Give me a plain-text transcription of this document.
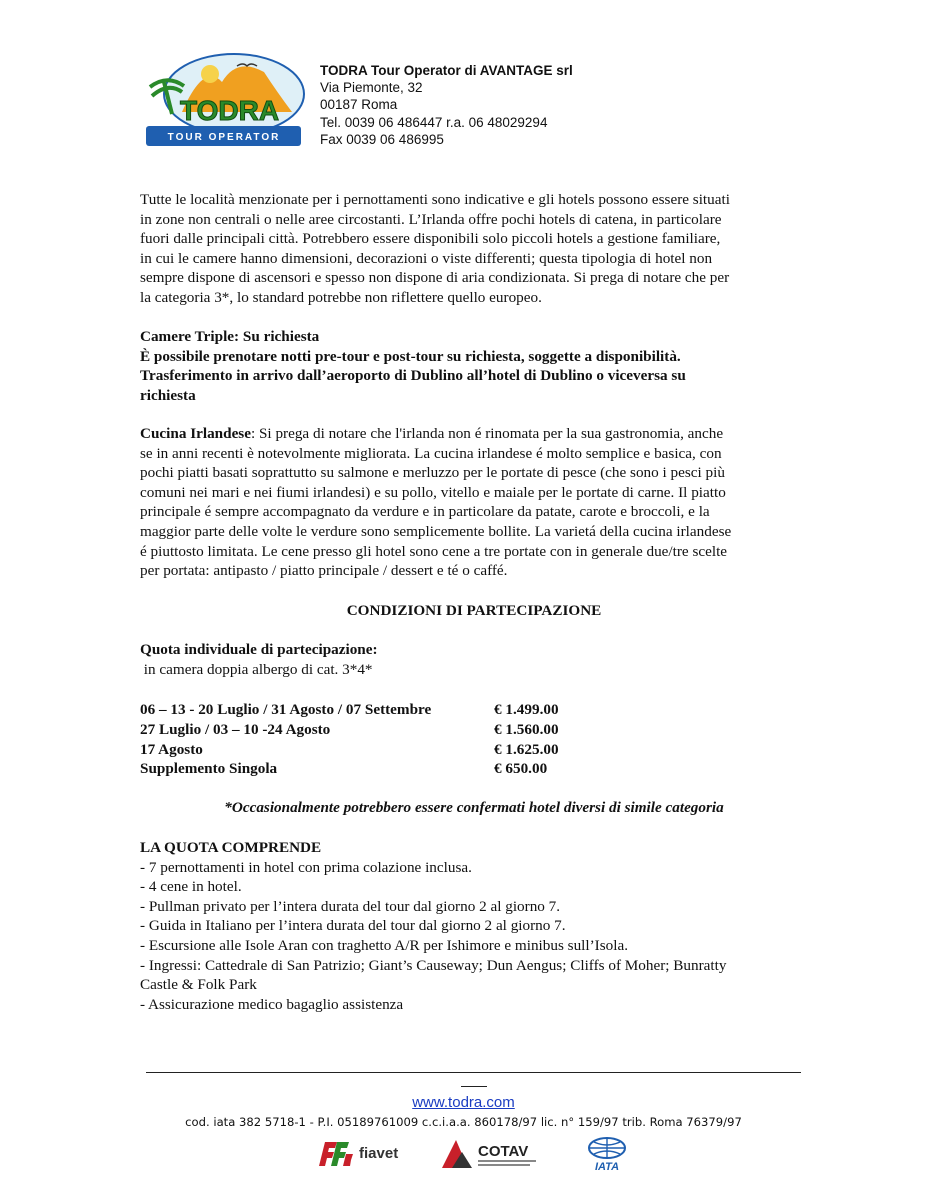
TODRA
TOUR OPERATOR
TODRA Tour Operator di AVANTAGE srl
Via Piemonte, 32
00187 Roma
Tel. 0039 06 486447 r.a. 06 48029294
Fax 0039 06 486995
Tutte le località menzionate per i pernottamenti sono indicative e gli hotels possono essere situati
in zone non centrali o nelle aree circostanti. L’Irlanda offre pochi hotels di catena, in particolare
fuori dalle principali città. Potrebbero essere disponibili solo piccoli hotels a gestione familiare,
in cui le camere hanno dimensioni, decorazioni o viste differenti; questa tipologia di hotel non
sempre dispone di ascensori e spesso non dispone di aria condizionata. Si prega di notare che per
la categoria 3*, lo standard potrebbe non riflettere quello europeo.
Camere Triple: Su richiesta
È possibile prenotare notti pre-tour e post-tour su richiesta, soggette a disponibilità.
Trasferimento in arrivo dall’aeroporto di Dublino all’hotel di Dublino o viceversa su
richiesta
Cucina Irlandese: Si prega di notare che l'irlanda non é rinomata per la sua gastronomia, anche
se in anni recenti è notevolmente migliorata. La cucina irlandese é molto semplice e basica, con
pochi piatti basati soprattutto su salmone e merluzzo per le portate di pesce (che sono i pesci più
comuni nei mari e nei fiumi irlandesi) e su pollo, vitello e maiale per le portate di carne. Il piatto
principale é sempre accompagnato da verdure e in particolare da patate, carote e broccoli, e la
maggior parte delle volte le verdure sono semplicemente bollite. La varietá della cucina irlandese
é piuttosto limitata. Le cene presso gli hotel sono cene a tre portate con in generale due/tre scelte
per portata: antipasto / piatto principale / dessert e té o caffé.
CONDIZIONI DI PARTECIPAZIONE
Quota individuale di partecipazione:
in camera doppia albergo di cat. 3*4*
06 – 13 - 20 Luglio / 31 Agosto / 07 Settembre	€ 1.499.00
27 Luglio / 03 – 10 -24 Agosto	€ 1.560.00
17 Agosto	€ 1.625.00
Supplemento Singola	€ 650.00
*Occasionalmente potrebbero essere confermati hotel diversi di simile categoria
LA QUOTA COMPRENDE
- 7 pernottamenti in hotel con prima colazione inclusa.
- 4 cene in hotel.
- Pullman privato per l’intera durata del tour dal giorno 2 al giorno 7.
- Guida in Italiano per l’intera durata del tour dal giorno 2 al giorno 7.
- Escursione alle Isole Aran con traghetto A/R per Ishimore e minibus sull’Isola.
- Ingressi: Cattedrale di San Patrizio; Giant’s Causeway; Dun Aengus; Cliffs of Moher; Bunratty
Castle & Folk Park
- Assicurazione medico bagaglio assistenza
www.todra.com
cod. iata 382 5718-1 - P.I. 05189761009 c.c.i.a.a. 860178/97 lic. n° 159/97 trib. Roma 76379/97
fiavet	COTAV
IATA
